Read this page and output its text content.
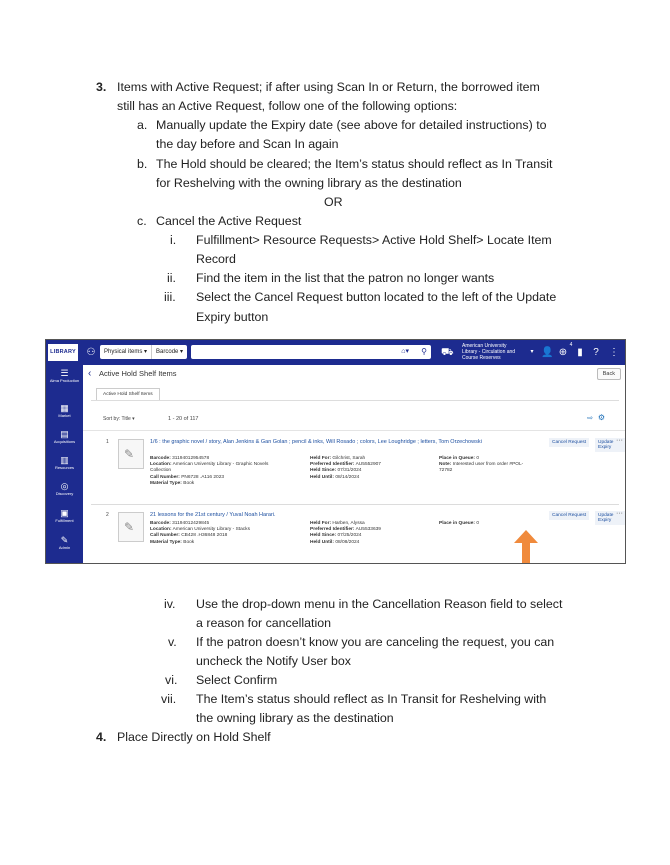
3. Items with Active Request; if after using Scan In or Return, the borrowed item
still has an Active Request, follow one of the following options:
a. Manually update the Expiry date (see above for detailed instructions) to
the day before and Scan In again
b. The Hold should be cleared; the Item’s status should reflect as In Transit
for Reshelving with the owning library as the destination
OR
c. Cancel the Active Request
i. Fulfillment> Resource Requests> Active Hold Shelf> Locate Item
Record
ii. Find the item in the list that the patron no longer wants
iii. Select the Cancel Request button located to the left of the Update
Expiry button
LIBRARY ⚇	Physical items ▾	Barcode ▾	⌂▾ ⚲ ⛟
American University
Library - Circulation and
Course Reserves
▾ 👤 ⊕
4
▮	?	⋮
☰
Alma Production
▦
Market
▤
Acquisitions
▥
Resources
◎
Discovery
▣
Fulfillment
✎
Admin
‹ Active Hold Shelf Items	Back
Active Hold Shelf Items
Sort by: Title ▾	1 - 20 of 117	⇨ ⚙
1
✎
1/6 : the graphic novel / story, Alan Jenkins & Gan Golan ; pencil & inks, Will Rosado ; colors, Lee Loughridge ; letters, Tom Orzechowski
Barcode: 31194012954578
Location: American University Library - Graphic Novels Collection
Call Number: PN6728 .A116 2023
Material Type: Book
Held For: Gilchrist, Sarah
Preferred Identifier: AU5552907
Held Since: 07/31/2024
Held Until: 08/14/2024
Place in Queue: 0
Note: Interested user from order #POL-72782
Cancel Request	Update Expiry
···
2
✎
21 lessons for the 21st century / Yuval Noah Harari.
Barcode: 31194012429845
Location: American University Library - Stacks
Call Number: CB428 .H36848 2018
Material Type: Book
Held For: Harben, Alyssa
Preferred Identifier: AU5533639
Held Since: 07/25/2024
Held Until: 08/08/2024
Place in Queue: 0
Cancel Request	Update Expiry
···
iv. Use the drop-down menu in the Cancellation Reason field to select
a reason for cancellation
v. If the patron doesn’t know you are canceling the request, you can
uncheck the Notify User box
vi. Select Confirm
vii. The Item’s status should reflect as In Transit for Reshelving with
the owning library as the destination
4. Place Directly on Hold Shelf
